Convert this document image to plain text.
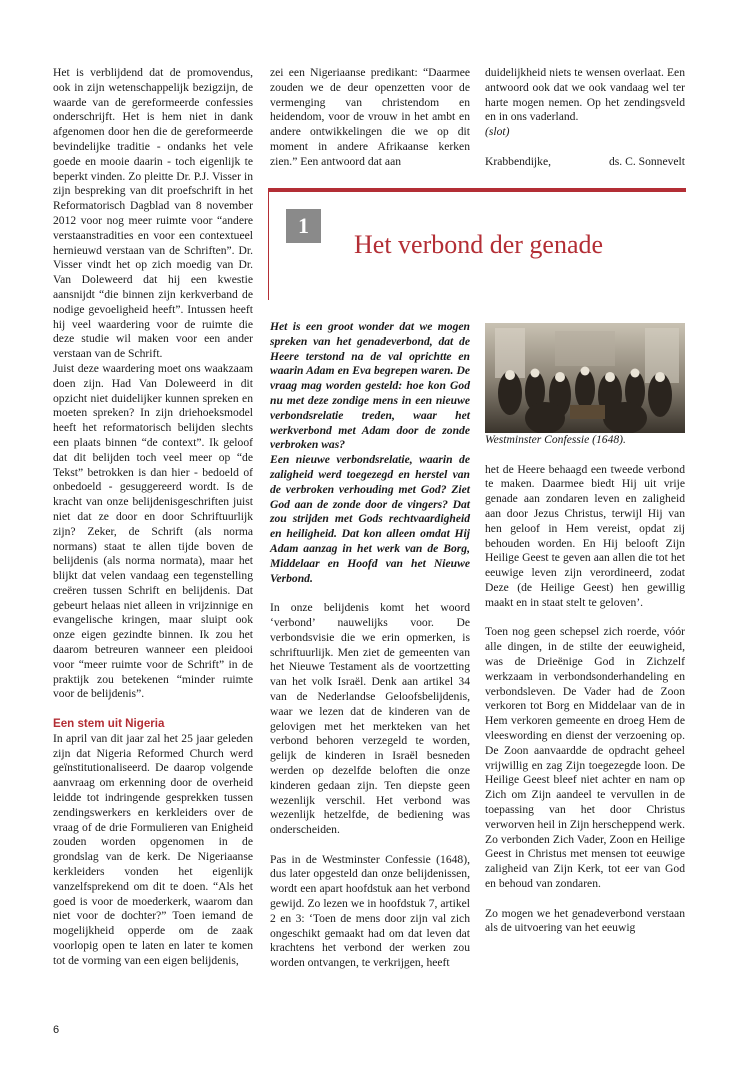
Het is verblijdend dat de promovendus, ook in zijn wetenschappelijk bezigzijn, de waarde van de gereformeerde confessies onderschrijft. Het is hem niet in dank afgenomen door hen die de gereformeerde bevindelijke traditie - ondanks het vele goede en mooie daarin - toch eigenlijk te beperkt vinden. Zo pleitte Dr. P.J. Visser in zijn bespreking van dit proefschrift in het Reformatorisch Dagblad van 8 november 2012 voor nog meer ruimte voor “andere verstaanstradities en voor een contextueel hernieuwd verstaan van de Schriften”. Dr. Visser vindt het op zich moedig van Dr. Van Doleweerd dat hij een kwestie aansnijdt “die binnen zijn kerkverband de nodige gevoeligheid heeft”. Intussen heeft hij veel waardering voor de ruimte die deze studie wil maken voor een ander verstaan van de Schrift.

Juist deze waardering moet ons waakzaam doen zijn. Had Van Doleweerd in dit opzicht niet duidelijker kunnen spreken en moeten spreken? In zijn driehoeksmodel heeft het reformatorisch belijden slechts een plaats binnen “de context”. Ik geloof dat dit belijden toch veel meer op “de Tekst” betrokken is dan hier - bedoeld of onbedoeld - gesuggereerd wordt. Is de kracht van onze belijdenisgeschriften juist niet dat ze door en door Schriftuurlijk zijn? Zeker, de Schrift (als norma normans) staat te allen tijde boven de belijdenis (als norma normata), maar het blijkt dat velen vandaag een tegenstelling creëren tussen Schrift en belijdenis. Dat gebeurt helaas niet alleen in vrijzinnige en evangelische kringen, maar sluipt ook onze eigen gezindte binnen. Ik zou het daarom betreuren wanneer een pleidooi voor “meer ruimte voor de Schrift” in de praktijk zou betekenen “minder ruimte voor de belijdenis”.

Een stem uit Nigeria

In april van dit jaar zal het 25 jaar geleden zijn dat Nigeria Reformed Church werd geïnstitutionaliseerd. De daarop volgende aanvraag om erkenning door de overheid leidde tot indringende gesprekken tussen zendingswerkers en kerkleiders over de vraag of de drie Formulieren van Enigheid zouden worden opgenomen in de grondslag van de kerk. De Nigeriaanse kerkleiders vonden het eigenlijk vanzelfsprekend om dit te doen. “Als het goed is voor de moederkerk, waarom dan niet voor de dochter?” Toen iemand de mogelijkheid opperde om de zaak voorlopig open te laten en later te komen tot de vorming van een eigen belijdenis,

zei een Nigeriaanse predikant: “Daarmee zouden we de deur openzetten voor de vermenging van christendom en heidendom, voor de vrouw in het ambt en andere ontwikkelingen die we op dit moment in andere Afrikaanse kerken zien.” Een antwoord dat aan

duidelijkheid niets te wensen overlaat. Een antwoord ook dat we ook vandaag wel ter harte mogen nemen. Op het zendingsveld en in ons vaderland.

(slot)

Krabbendijke,	ds. C. Sonnevelt
1
Het verbond der genade

Het is een groot wonder dat we mogen spreken van het genadeverbond, dat de Heere terstond na de val oprichtte en waarin Adam en Eva begrepen waren. De vraag mag worden gesteld: hoe kon God nu met deze zondige mens in een nieuwe verbondsrelatie treden, waar het werkverbond met Adam door de zonde verbroken was?

Een nieuwe verbondsrelatie, waarin de zaligheid werd toegezegd en herstel van de verbroken verhouding met God? Ziet God aan de zonde door de vingers? Dat zou strijden met Gods rechtvaardigheid en heiligheid. Dat kon alleen omdat Hij Adam aanzag in het werk van de Borg, Middelaar en Hoofd van het Nieuwe Verbond.

In onze belijdenis komt het woord ‘verbond’ nauwelijks voor. De verbondsvisie die we erin opmerken, is schriftuurlijk. Men ziet de gemeenten van het Nieuwe Testament als de voortzetting van het volk Israël. Denk aan artikel 34 van de Nederlandse Geloofsbelijdenis, waar we lezen dat de kinderen van de gelovigen met het merkteken van het verbond behoren verzegeld te worden, gelijk de kinderen in Israël besneden werden op dezelfde beloften die onze kinderen gedaan zijn. Ten diepste geen wezenlijk verschil. Het verbond was wezenlijk hetzelfde, de bediening was onderscheiden.

Pas in de Westminster Confessie (1648), dus later opgesteld dan onze belijdenissen, wordt een apart hoofdstuk aan het verbond gewijd. Zo lezen we in hoofdstuk 7, artikel 2 en 3: ‘Toen de mens door zijn val zich ongeschikt gemaakt had om dat leven dat krachtens het verbond der werken zou worden ontvangen, te verkrijgen, heeft

Westminster Confessie (1648).

het de Heere behaagd een tweede verbond te maken. Daarmee biedt Hij uit vrije genade aan zondaren leven en zaligheid aan door Jezus Christus, terwijl Hij van hen geloof in Hem vereist, opdat zij behouden worden. En Hij belooft Zijn Heilige Geest te geven aan allen die tot het eeuwige leven zijn verordineerd, zodat Deze (de Heilige Geest) hen gewillig maakt en in staat stelt te geloven’.

Toen nog geen schepsel zich roerde, vóór alle dingen, in de stilte der eeuwigheid, was de Drieënige God in Zichzelf werkzaam in verbondsonderhandeling en verbondsleven. De Vader had de Zoon verkoren tot Borg en Middelaar van de in Hem verkoren gemeente en droeg Hem de vleeswording en dienst der verzoening op. De Zoon aanvaardde de opdracht geheel vrijwillig en zag Zijn toegezegde loon. De Heilige Geest bleef niet achter en nam op Zich om Zijn aandeel te vervullen in de toepassing van het door Christus verworven heil in Zijn herscheppend werk. Zo verbonden Zich Vader, Zoon en Heilige Geest in Christus met mensen tot eeuwige zaligheid van Zijn Kerk, tot eer van God en behoud van zondaren.

Zo mogen we het genadeverbond verstaan als de uitvoering van het eeuwig

6
